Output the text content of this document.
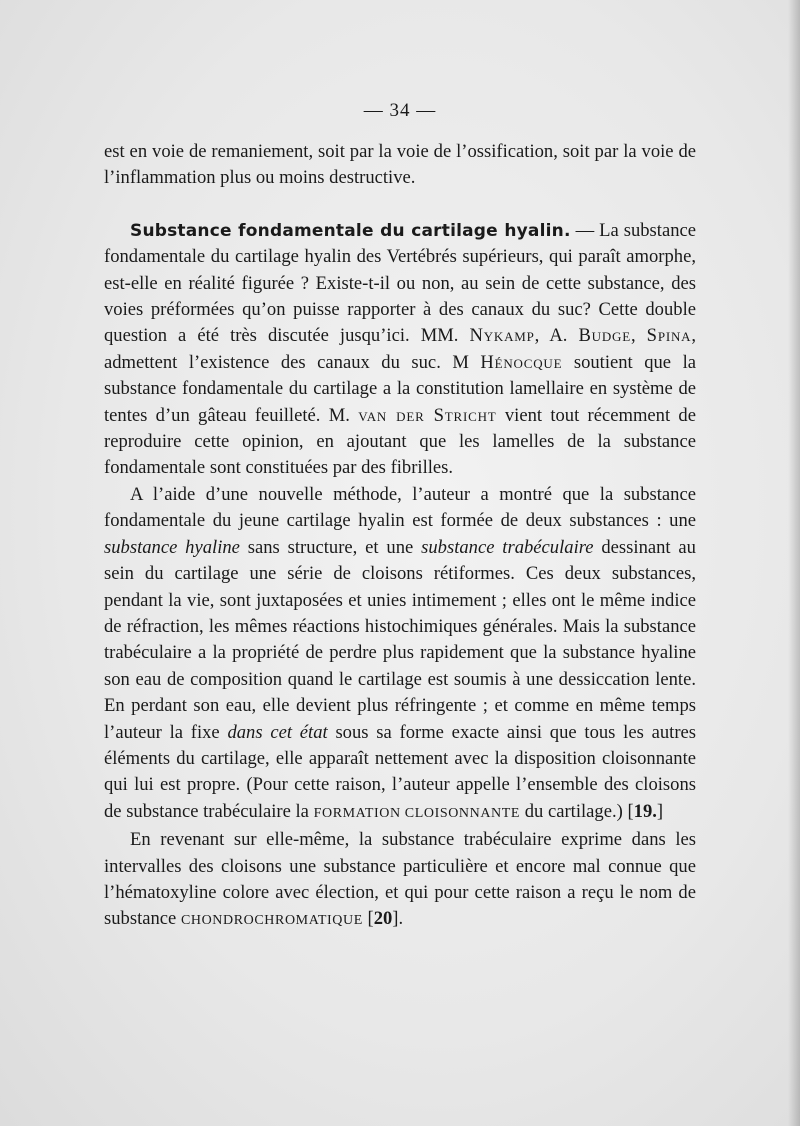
— 34 —

est en voie de remaniement, soit par la voie de l’ossification, soit par la voie de l’inflammation plus ou moins destructive.

Substance fondamentale du cartilage hyalin. — La substance fondamentale du cartilage hyalin des Vertébrés supérieurs, qui paraît amorphe, est-elle en réalité figurée ? Existe-t-il ou non, au sein de cette substance, des voies préformées qu’on puisse rapporter à des canaux du suc? Cette double question a été très discutée jusqu’ici. MM. Nykamp, A. Budge, Spina, admettent l’existence des canaux du suc. M Hénocque soutient que la substance fondamentale du cartilage a la constitution lamellaire en système de tentes d’un gâteau feuilleté. M. van der Stricht vient tout récemment de reproduire cette opinion, en ajoutant que les lamelles de la substance fondamentale sont constituées par des fibrilles.

A l’aide d’une nouvelle méthode, l’auteur a montré que la substance fondamentale du jeune cartilage hyalin est formée de deux substances : une substance hyaline sans structure, et une substance trabéculaire dessinant au sein du cartilage une série de cloisons rétiformes. Ces deux substances, pendant la vie, sont juxtaposées et unies intimement ; elles ont le même indice de réfraction, les mêmes réactions histochimiques générales. Mais la substance trabéculaire a la propriété de perdre plus rapidement que la substance hyaline son eau de composition quand le cartilage est soumis à une dessiccation lente. En perdant son eau, elle devient plus réfringente ; et comme en même temps l’auteur la fixe dans cet état sous sa forme exacte ainsi que tous les autres éléments du cartilage, elle apparaît nettement avec la disposition cloisonnante qui lui est propre. (Pour cette raison, l’auteur appelle l’ensemble des cloisons de substance trabéculaire la FORMATION CLOISONNANTE du cartilage.) [19.]

En revenant sur elle-même, la substance trabéculaire exprime dans les intervalles des cloisons une substance particulière et encore mal connue que l’hématoxyline colore avec élection, et qui pour cette raison a reçu le nom de substance CHONDROCHROMATIQUE [20].
